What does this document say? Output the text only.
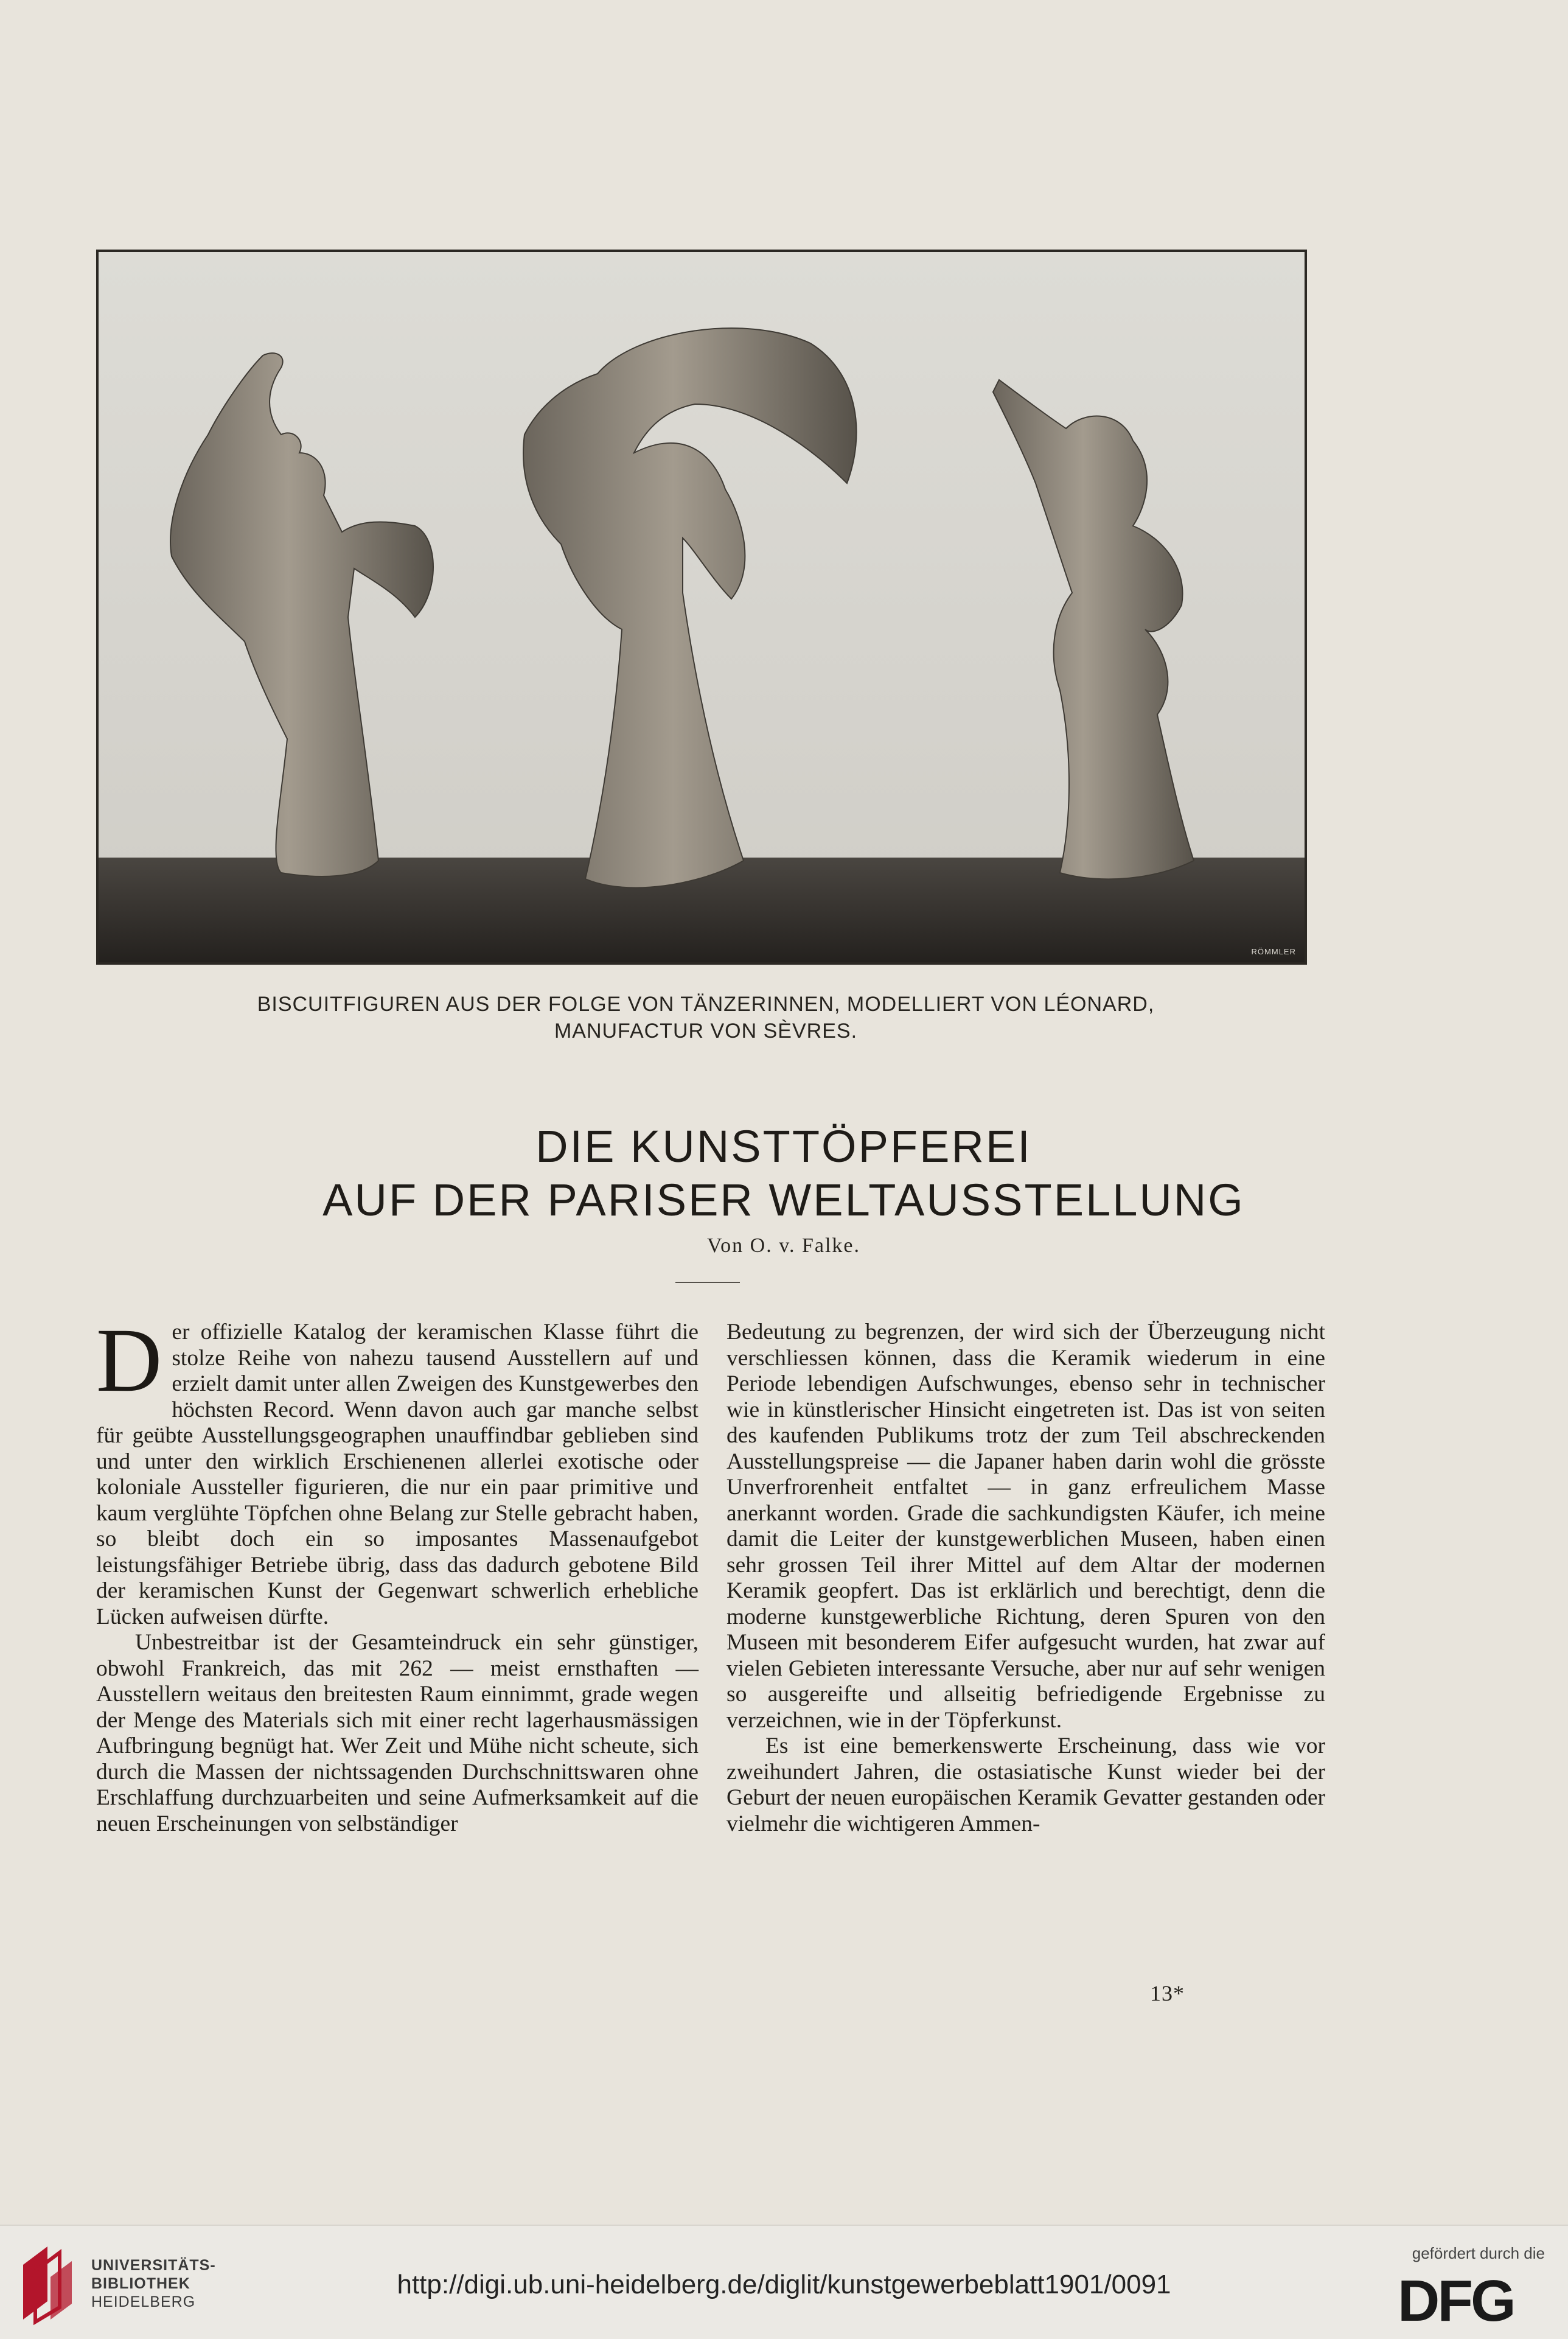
RÖMMLER
BISCUITFIGUREN AUS DER FOLGE VON TÄNZERINNEN, MODELLIERT VON LÉONARD,
MANUFACTUR VON SÈVRES.
DIE KUNSTTÖPFEREI
AUF DER PARISER WELTAUSSTELLUNG
Von O. v. Falke.

Der offizielle Katalog der keramischen Klasse führt die stolze Reihe von nahezu tausend Ausstellern auf und erzielt damit unter allen Zweigen des Kunstgewerbes den höchsten Record. Wenn davon auch gar manche selbst für geübte Ausstellungsgeographen unauffindbar geblieben sind und unter den wirklich Erschienenen allerlei exotische oder koloniale Aussteller figurieren, die nur ein paar primitive und kaum verglühte Töpfchen ohne Belang zur Stelle gebracht haben, so bleibt doch ein so imposantes Massenaufgebot leistungsfähiger Betriebe übrig, dass das dadurch gebotene Bild der keramischen Kunst der Gegenwart schwerlich erhebliche Lücken aufweisen dürfte.

Unbestreitbar ist der Gesamteindruck ein sehr günstiger, obwohl Frankreich, das mit 262 — meist ernsthaften — Ausstellern weitaus den breitesten Raum einnimmt, grade wegen der Menge des Materials sich mit einer recht lagerhausmässigen Aufbringung begnügt hat. Wer Zeit und Mühe nicht scheute, sich durch die Massen der nichtssagenden Durchschnittswaren ohne Erschlaffung durchzuarbeiten und seine Aufmerksamkeit auf die neuen Erscheinungen von selbständiger

Bedeutung zu begrenzen, der wird sich der Überzeugung nicht verschliessen können, dass die Keramik wiederum in eine Periode lebendigen Aufschwunges, ebenso sehr in technischer wie in künstlerischer Hinsicht eingetreten ist. Das ist von seiten des kaufenden Publikums trotz der zum Teil abschreckenden Ausstellungspreise — die Japaner haben darin wohl die grösste Unverfrorenheit entfaltet — in ganz erfreulichem Masse anerkannt worden. Grade die sachkundigsten Käufer, ich meine damit die Leiter der kunstgewerblichen Museen, haben einen sehr grossen Teil ihrer Mittel auf dem Altar der modernen Keramik geopfert. Das ist erklärlich und berechtigt, denn die moderne kunstgewerbliche Richtung, deren Spuren von den Museen mit besonderem Eifer aufgesucht wurden, hat zwar auf vielen Gebieten interessante Versuche, aber nur auf sehr wenigen so ausgereifte und allseitig befriedigende Ergebnisse zu verzeichnen, wie in der Töpferkunst.

Es ist eine bemerkenswerte Erscheinung, dass wie vor zweihundert Jahren, die ostasiatische Kunst wieder bei der Geburt der neuen europäischen Keramik Gevatter gestanden oder vielmehr die wichtigeren Ammen-

13*
UNIVERSITÄTS-
BIBLIOTHEK
HEIDELBERG
http://digi.ub.uni-heidelberg.de/diglit/kunstgewerbeblatt1901/0091
gefördert durch die
DFG
